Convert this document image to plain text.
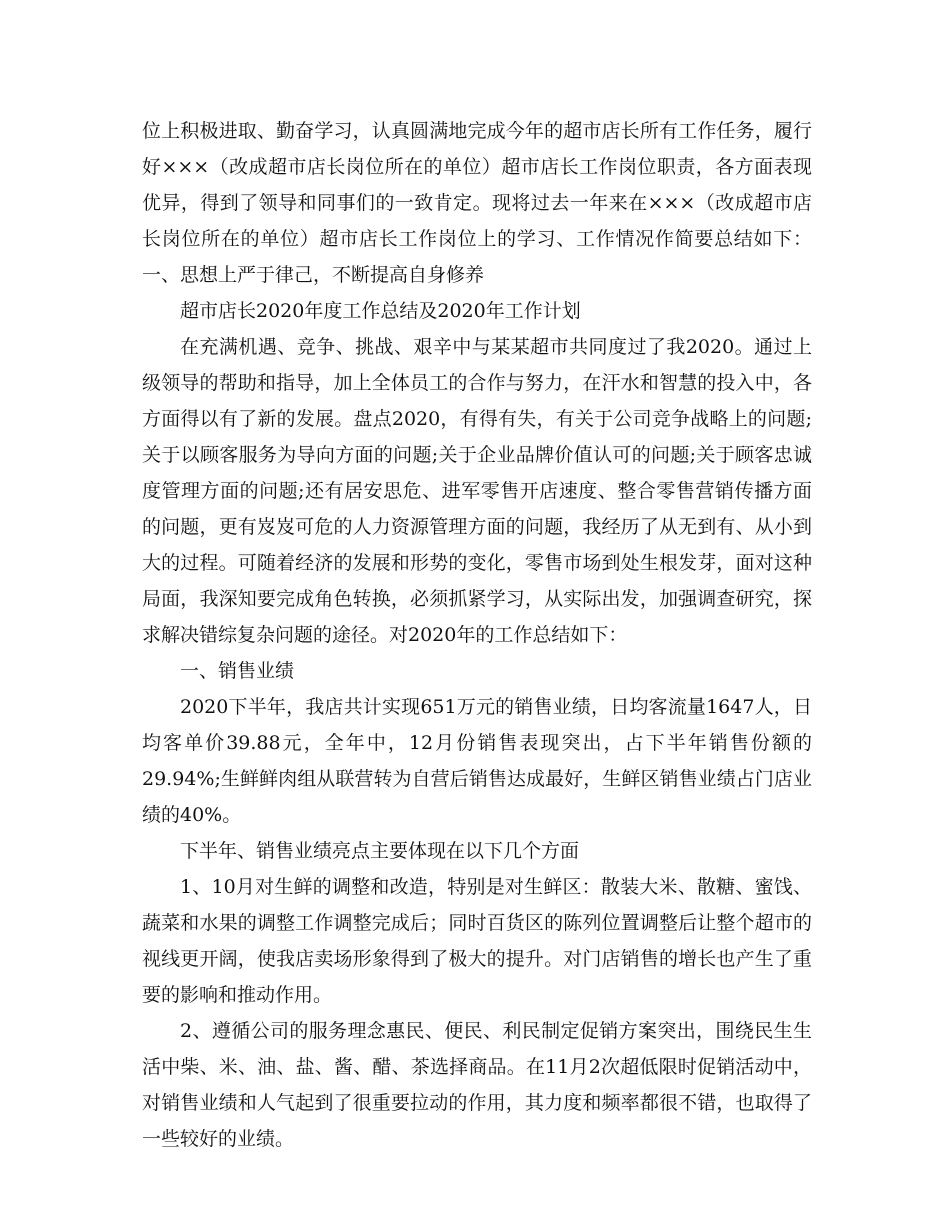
位上积极进取、勤奋学习，认真圆满地完成今年的超市店长所有工作任务，履行好×××（改成超市店长岗位所在的单位）超市店长工作岗位职责，各方面表现优异，得到了领导和同事们的一致肯定。现将过去一年来在×××（改成超市店长岗位所在的单位）超市店长工作岗位上的学习、工作情况作简要总结如下：一、思想上严于律己，不断提高自身修养

超市店长2020年度工作总结及2020年工作计划

在充满机遇、竞争、挑战、艰辛中与某某超市共同度过了我2020。通过上级领导的帮助和指导，加上全体员工的合作与努力，在汗水和智慧的投入中，各方面得以有了新的发展。盘点2020，有得有失，有关于公司竞争战略上的问题;关于以顾客服务为导向方面的问题;关于企业品牌价值认可的问题;关于顾客忠诚度管理方面的问题;还有居安思危、进军零售开店速度、整合零售营销传播方面的问题，更有岌岌可危的人力资源管理方面的问题，我经历了从无到有、从小到大的过程。可随着经济的发展和形势的变化，零售市场到处生根发芽，面对这种局面，我深知要完成角色转换，必须抓紧学习，从实际出发，加强调查研究，探求解决错综复杂问题的途径。对2020年的工作总结如下：

一、销售业绩

2020下半年，我店共计实现651万元的销售业绩，日均客流量1647人，日均客单价39.88元，全年中，12月份销售表现突出，占下半年销售份额的29.94%;生鲜鲜肉组从联营转为自营后销售达成最好，生鲜区销售业绩占门店业绩的40%。

下半年、销售业绩亮点主要体现在以下几个方面

1、10月对生鲜的调整和改造，特别是对生鲜区：散装大米、散糖、蜜饯、蔬菜和水果的调整工作调整完成后；同时百货区的陈列位置调整后让整个超市的视线更开阔，使我店卖场形象得到了极大的提升。对门店销售的增长也产生了重要的影响和推动作用。

2、遵循公司的服务理念惠民、便民、利民制定促销方案突出，围绕民生生活中柴、米、油、盐、酱、醋、茶选择商品。在11月2次超低限时促销活动中，对销售业绩和人气起到了很重要拉动的作用，其力度和频率都很不错，也取得了一些较好的业绩。
